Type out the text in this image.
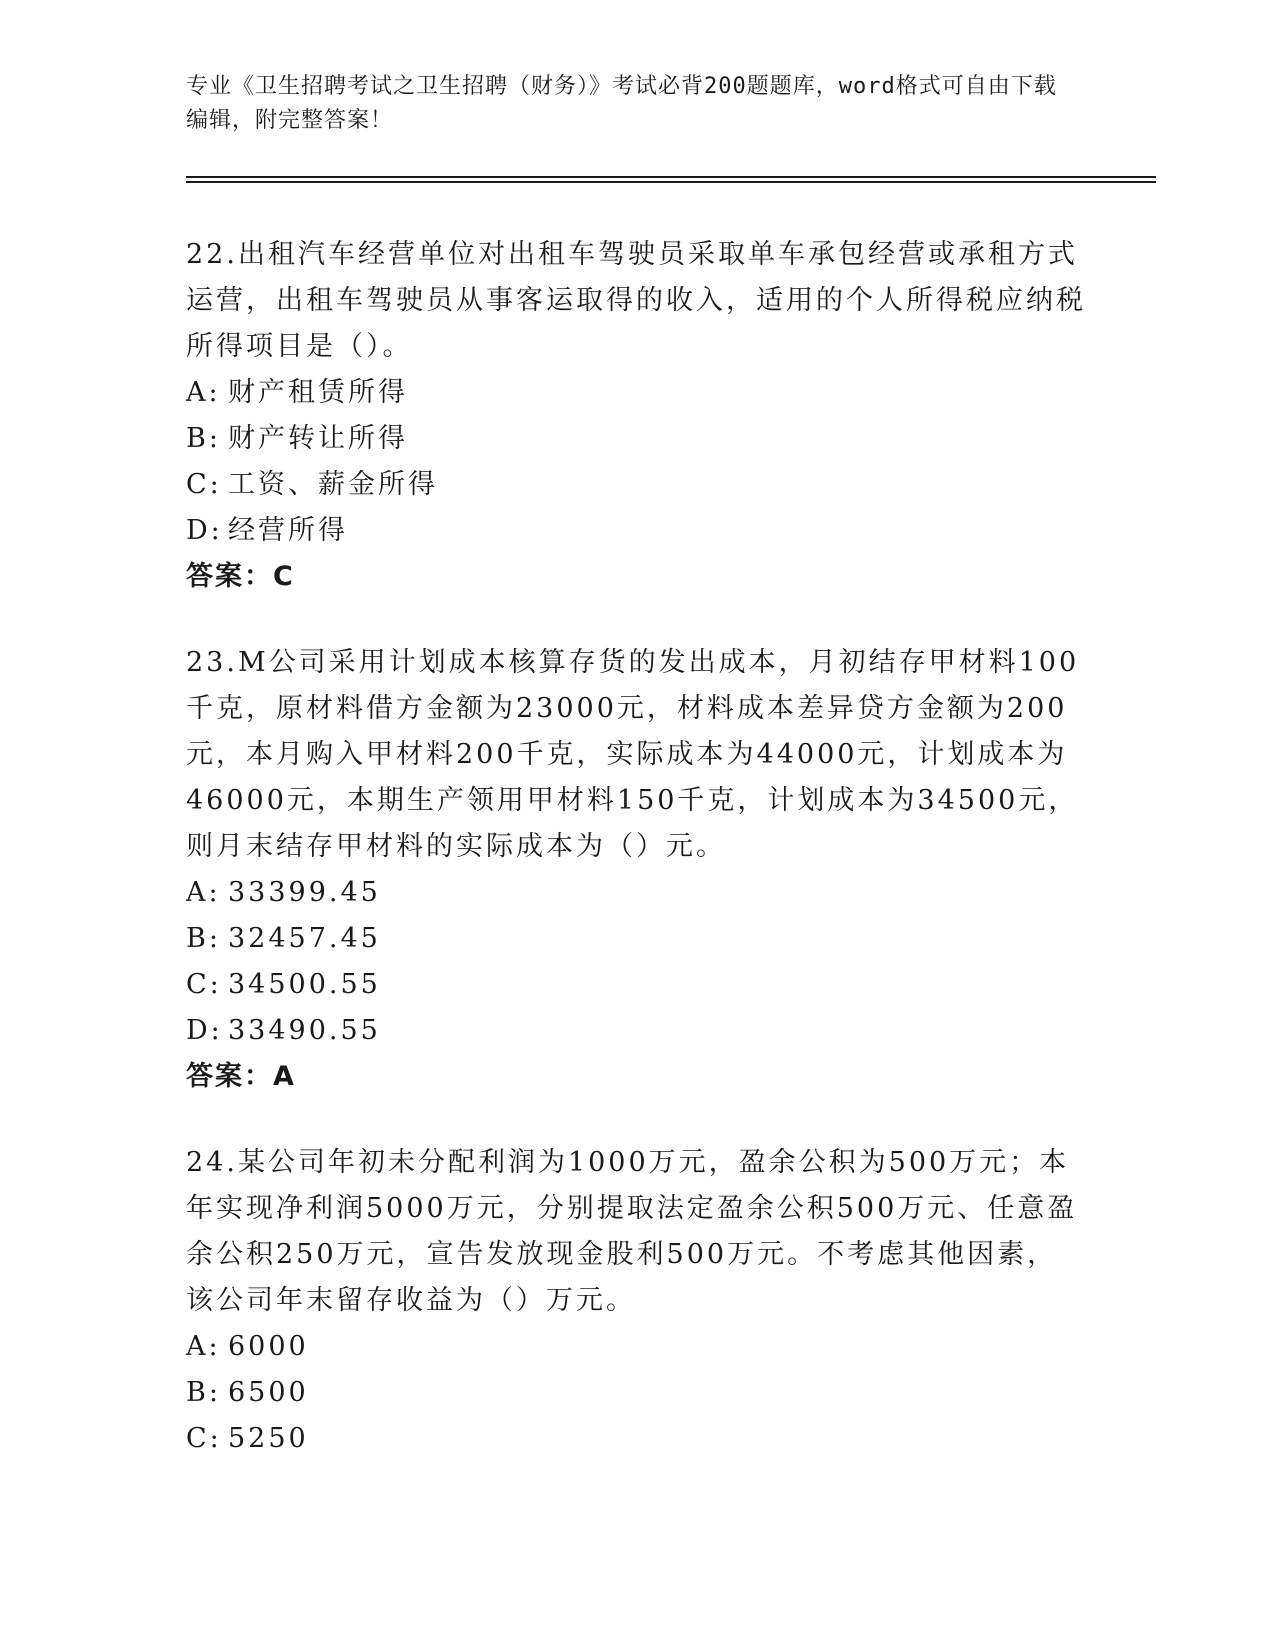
专业《卫生招聘考试之卫生招聘（财务）》考试必背200题题库，word格式可自由下载编辑，附完整答案！

22.出租汽车经营单位对出租车驾驶员采取单车承包经营或承租方式运营，出租车驾驶员从事客运取得的收入，适用的个人所得税应纳税所得项目是（）。

A: 财产租赁所得

B: 财产转让所得

C: 工资、薪金所得

D: 经营所得

答案：C

23.M公司采用计划成本核算存货的发出成本，月初结存甲材料100千克，原材料借方金额为23000元，材料成本差异贷方金额为200元，本月购入甲材料200千克，实际成本为44000元，计划成本为46000元，本期生产领用甲材料150千克，计划成本为34500元，则月末结存甲材料的实际成本为（）元。

A: 33399.45

B: 32457.45

C: 34500.55

D: 33490.55

答案：A

24.某公司年初未分配利润为1000万元，盈余公积为500万元；本年实现净利润5000万元，分别提取法定盈余公积500万元、任意盈余公积250万元，宣告发放现金股利500万元。不考虑其他因素，该公司年末留存收益为（）万元。

A: 6000

B: 6500

C: 5250
